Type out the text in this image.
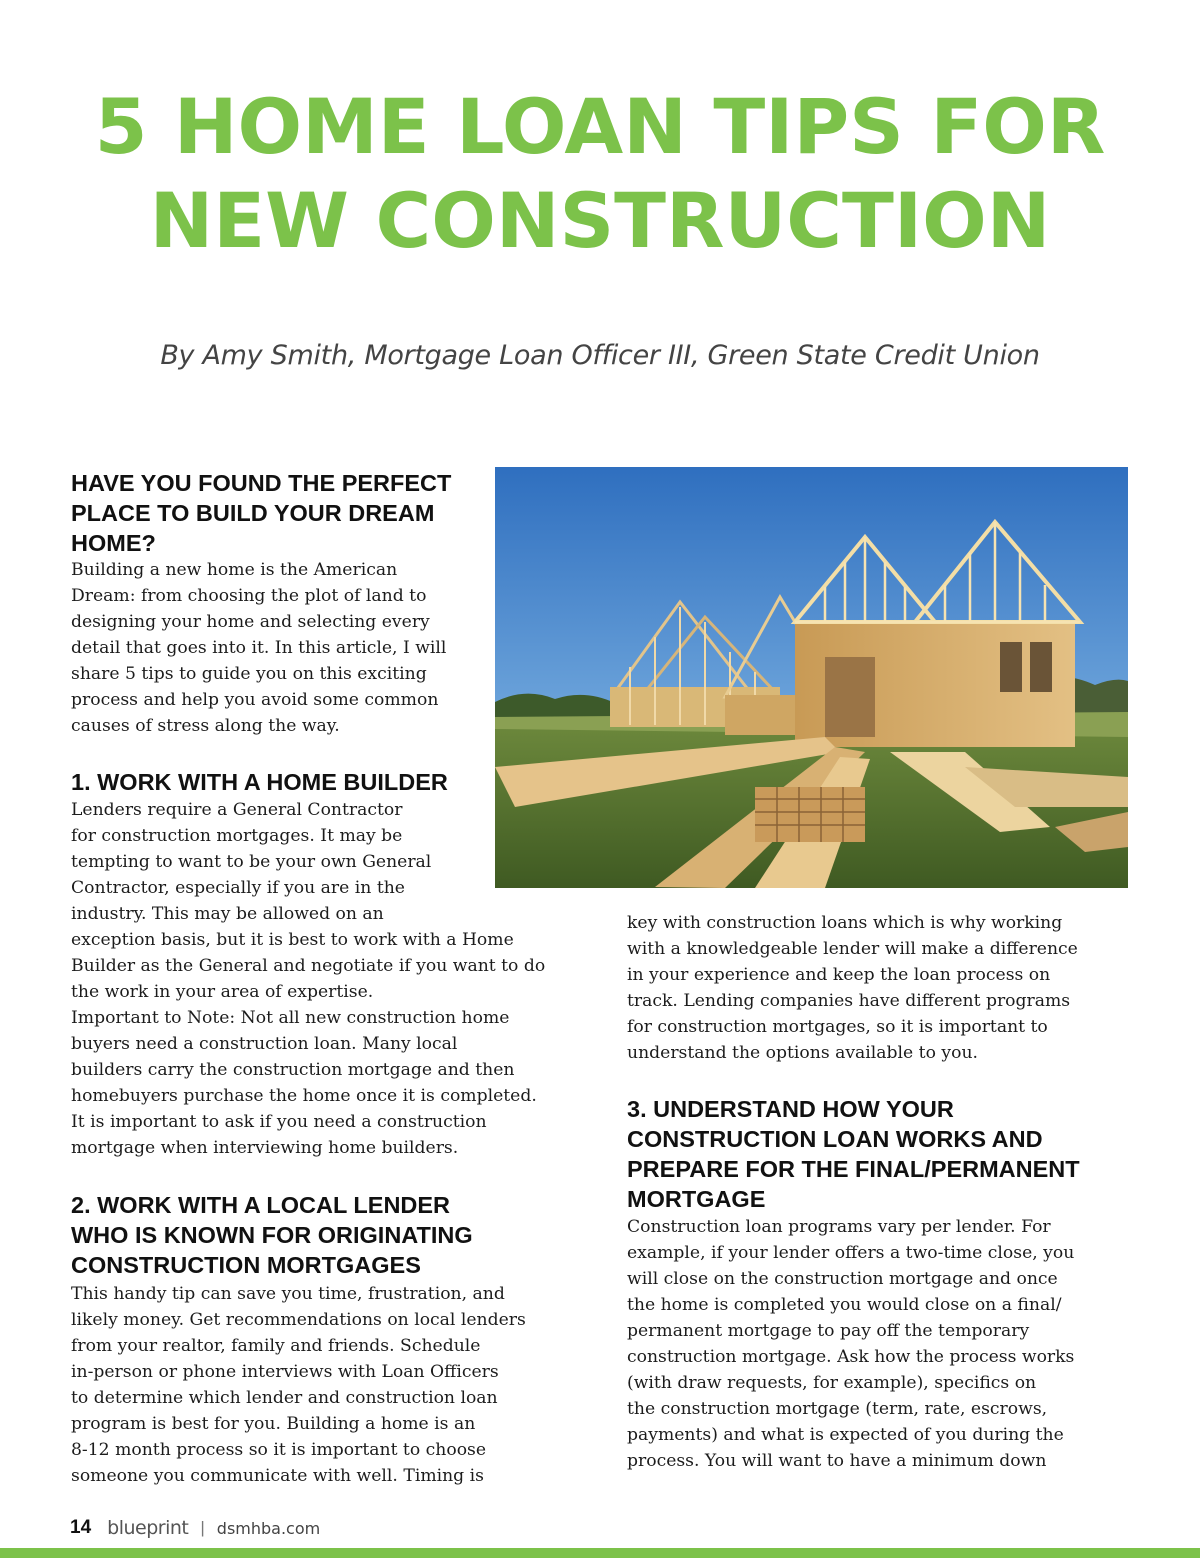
5 HOME LOAN TIPS FOR
NEW CONSTRUCTION
By Amy Smith, Mortgage Loan Officer III, Green State Credit Union
HAVE YOU FOUND THE PERFECT
PLACE TO BUILD YOUR DREAM
HOME?
Building a new home is the American
Dream: from choosing the plot of land to
designing your home and selecting every
detail that goes into it. In this article, I will
share 5 tips to guide you on this exciting
process and help you avoid some common
causes of stress along the way.
1. WORK WITH A HOME BUILDER
Lenders require a General Contractor
for construction mortgages. It may be
tempting to want to be your own General
Contractor, especially if you are in the
industry. This may be allowed on an
exception basis, but it is best to work with a Home
Builder as the General and negotiate if you want to do
the work in your area of expertise.
Important to Note: Not all new construction home
buyers need a construction loan. Many local
builders carry the construction mortgage and then
homebuyers purchase the home once it is completed.
It is important to ask if you need a construction
mortgage when interviewing home builders.
2. WORK WITH A LOCAL LENDER
WHO IS KNOWN FOR ORIGINATING
CONSTRUCTION MORTGAGES
This handy tip can save you time, frustration, and
likely money. Get recommendations on local lenders
from your realtor, family and friends. Schedule
in-person or phone interviews with Loan Officers
to determine which lender and construction loan
program is best for you. Building a home is an
8-12 month process so it is important to choose
someone you communicate with well. Timing is
key with construction loans which is why working
with a knowledgeable lender will make a difference
in your experience and keep the loan process on
track. Lending companies have different programs
for construction mortgages, so it is important to
understand the options available to you.
3. UNDERSTAND HOW YOUR
CONSTRUCTION LOAN WORKS AND
PREPARE FOR THE FINAL/PERMANENT
MORTGAGE
Construction loan programs vary per lender. For
example, if your lender offers a two-time close, you
will close on the construction mortgage and once
the home is completed you would close on a final/
permanent mortgage to pay off the temporary
construction mortgage. Ask how the process works
(with draw requests, for example), specifics on
the construction mortgage (term, rate, escrows,
payments) and what is expected of you during the
process. You will want to have a minimum down
14 blueprint | dsmhba.com
